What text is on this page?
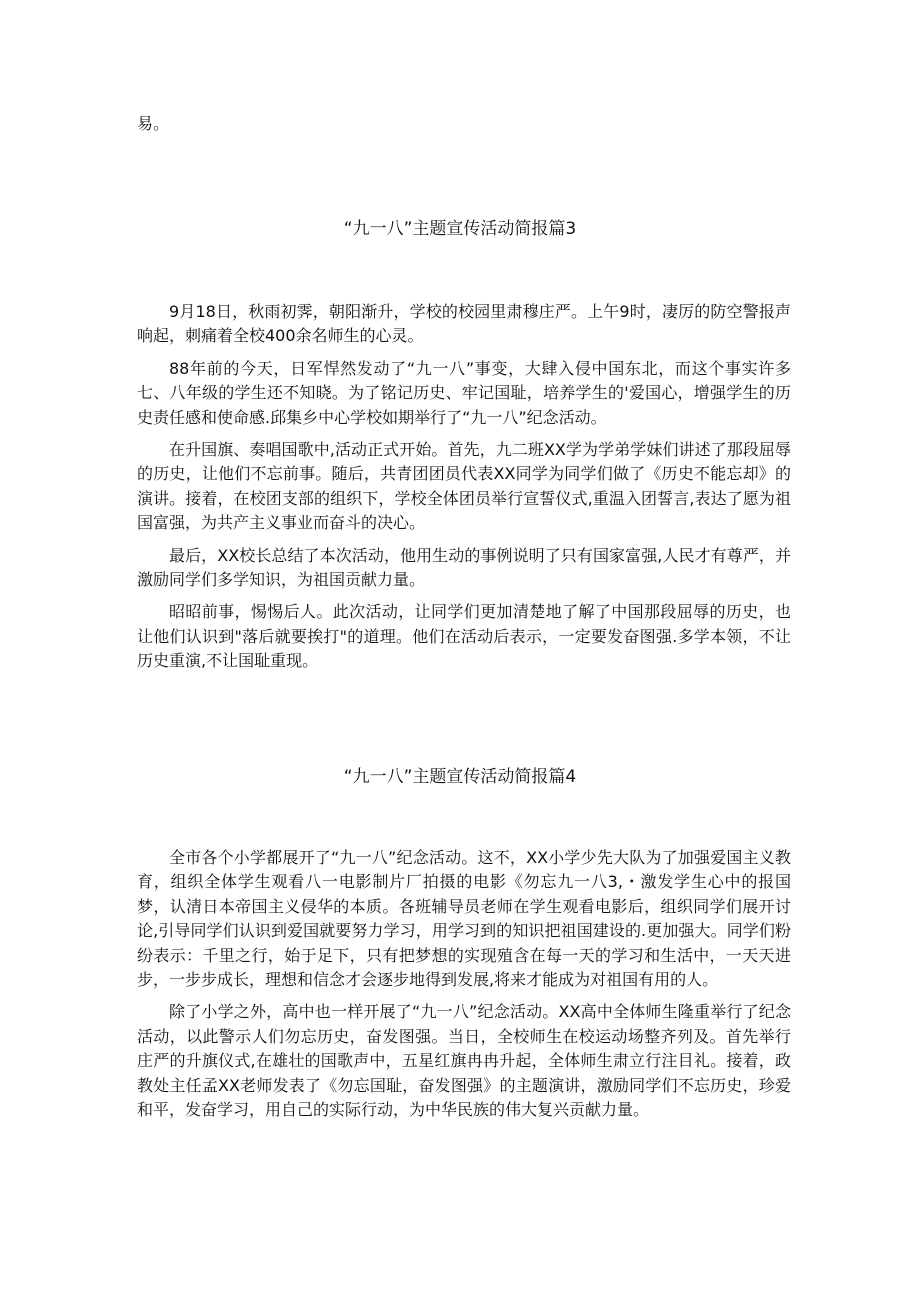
易。

“九一八”主题宣传活动简报篇3

9月18日，秋雨初霁，朝阳渐升，学校的校园里肃穆庄严。上午9时，凄厉的防空警报声响起，刺痛着全校400余名师生的心灵。

88年前的今天，日军悍然发动了“九一八”事变，大肆入侵中国东北，而这个事实许多七、八年级的学生还不知晓。为了铭记历史、牢记国耻，培养学生的'爱国心，增强学生的历史责任感和使命感.邱集乡中心学校如期举行了“九一八”纪念活动。

在升国旗、奏唱国歌中,活动正式开始。首先，九二班XX学为学弟学妹们讲述了那段屈辱的历史，让他们不忘前事。随后，共青团团员代表XX同学为同学们做了《历史不能忘却》的演讲。接着，在校团支部的组织下，学校全体团员举行宣誓仪式,重温入团誓言,表达了愿为祖国富强，为共产主义事业而奋斗的决心。

最后，XX校长总结了本次活动，他用生动的事例说明了只有国家富强,人民才有尊严，并激励同学们多学知识，为祖国贡献力量。

昭昭前事，惕惕后人。此次活动，让同学们更加清楚地了解了中国那段屈辱的历史，也让他们认识到"落后就要挨打"的道理。他们在活动后表示，一定要发奋图强.多学本领，不让历史重演,不让国耻重现。

“九一八”主题宣传活动简报篇4

全市各个小学都展开了“九一八”纪念活动。这不，XX小学少先大队为了加强爱国主义教育，组织全体学生观看八一电影制片厂拍摄的电影《勿忘九一八3,・激发学生心中的报国梦，认清日本帝国主义侵华的本质。各班辅导员老师在学生观看电影后，组织同学们展开讨论,引导同学们认识到爱国就要努力学习，用学习到的知识把祖国建设的.更加强大。同学们粉纷表示：千里之行，始于足下，只有把梦想的实现殖含在每一天的学习和生活中，一天天进步，一步步成长，理想和信念才会逐步地得到发展,将来才能成为对祖国有用的人。

除了小学之外，高中也一样开展了“九一八”纪念活动。XX高中全体师生隆重举行了纪念活动，以此警示人们勿忘历史，奋发图强。当日，全校师生在校运动场整齐列及。首先举行庄严的升旗仪式,在雄壮的国歌声中，五星红旗冉冉升起，全体师生肃立行注目礼。接着，政教处主任孟XX老师发表了《勿忘国耻，奋发图强》的主题演讲，激励同学们不忘历史，珍爱和平，发奋学习，用自己的实际行动，为中华民族的伟大复兴贡献力量。
